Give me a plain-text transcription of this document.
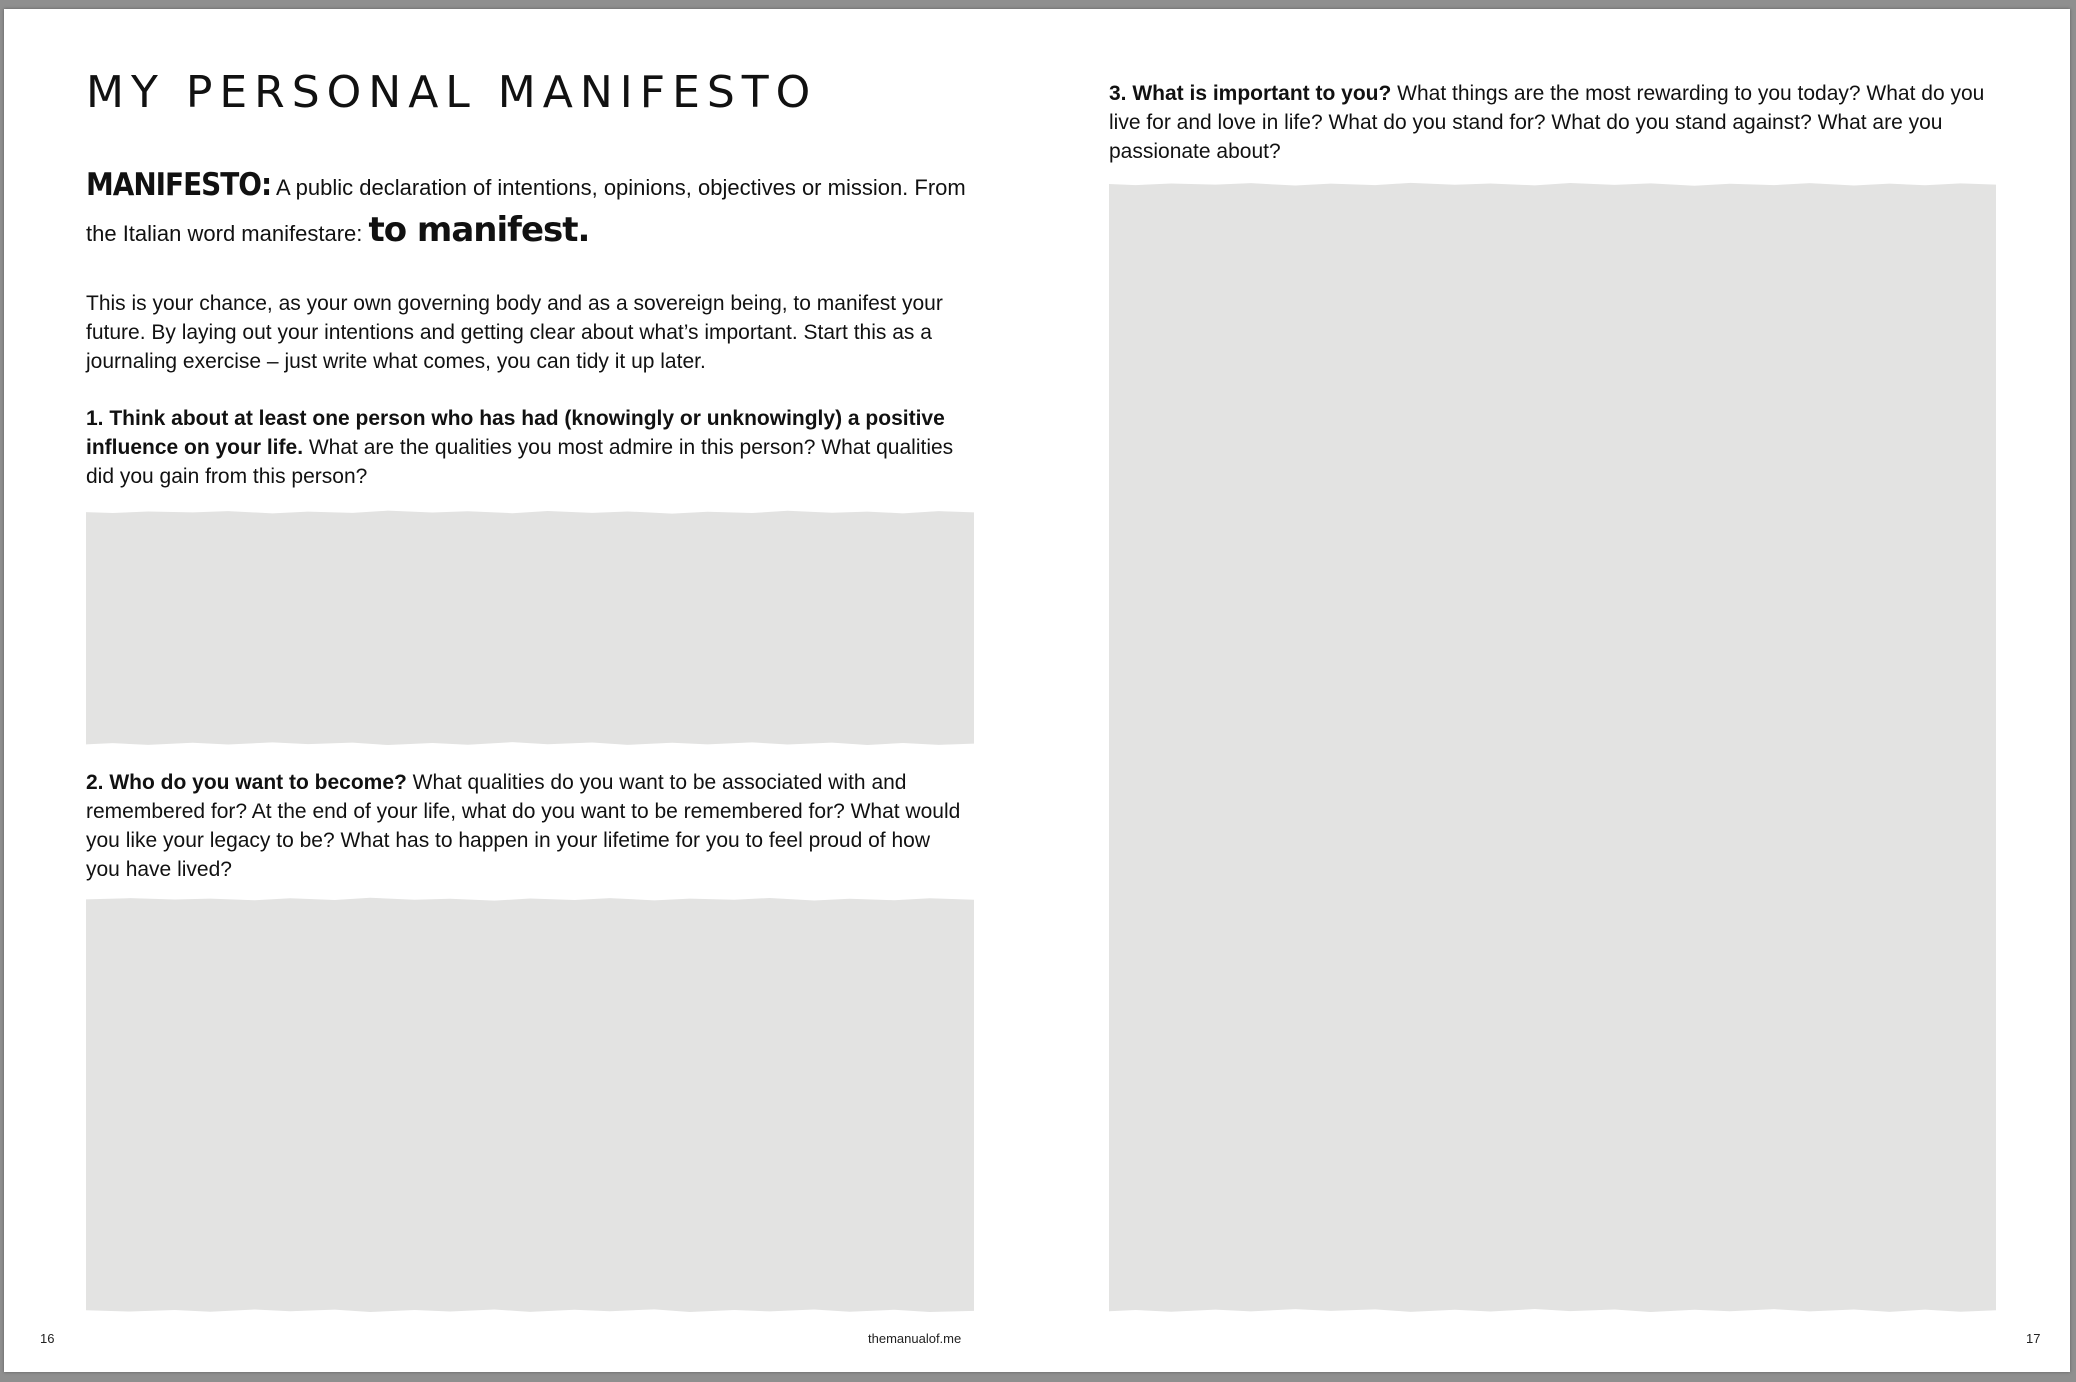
MY PERSONAL MANIFESTO

MANIFESTO: A public declaration of intentions, opinions, objectives or mission. From the Italian word manifestare: to manifest.

This is your chance, as your own governing body and as a sovereign being, to manifest your future. By laying out your intentions and getting clear about what’s important. Start this as a journaling exercise – just write what comes, you can tidy it up later.

1. Think about at least one person who has had (knowingly or unknowingly) a positive influence on your life. What are the qualities you most admire in this person? What qualities did you gain from this person?

2. Who do you want to become? What qualities do you want to be associated with and remembered for? At the end of your life, what do you want to be remembered for? What would you like your legacy to be? What has to happen in your lifetime for you to feel proud of how you have lived?

16	themanualof.me

3. What is important to you? What things are the most rewarding to you today? What do you live for and love in life? What do you stand for? What do you stand against? What are you passionate about?

17
